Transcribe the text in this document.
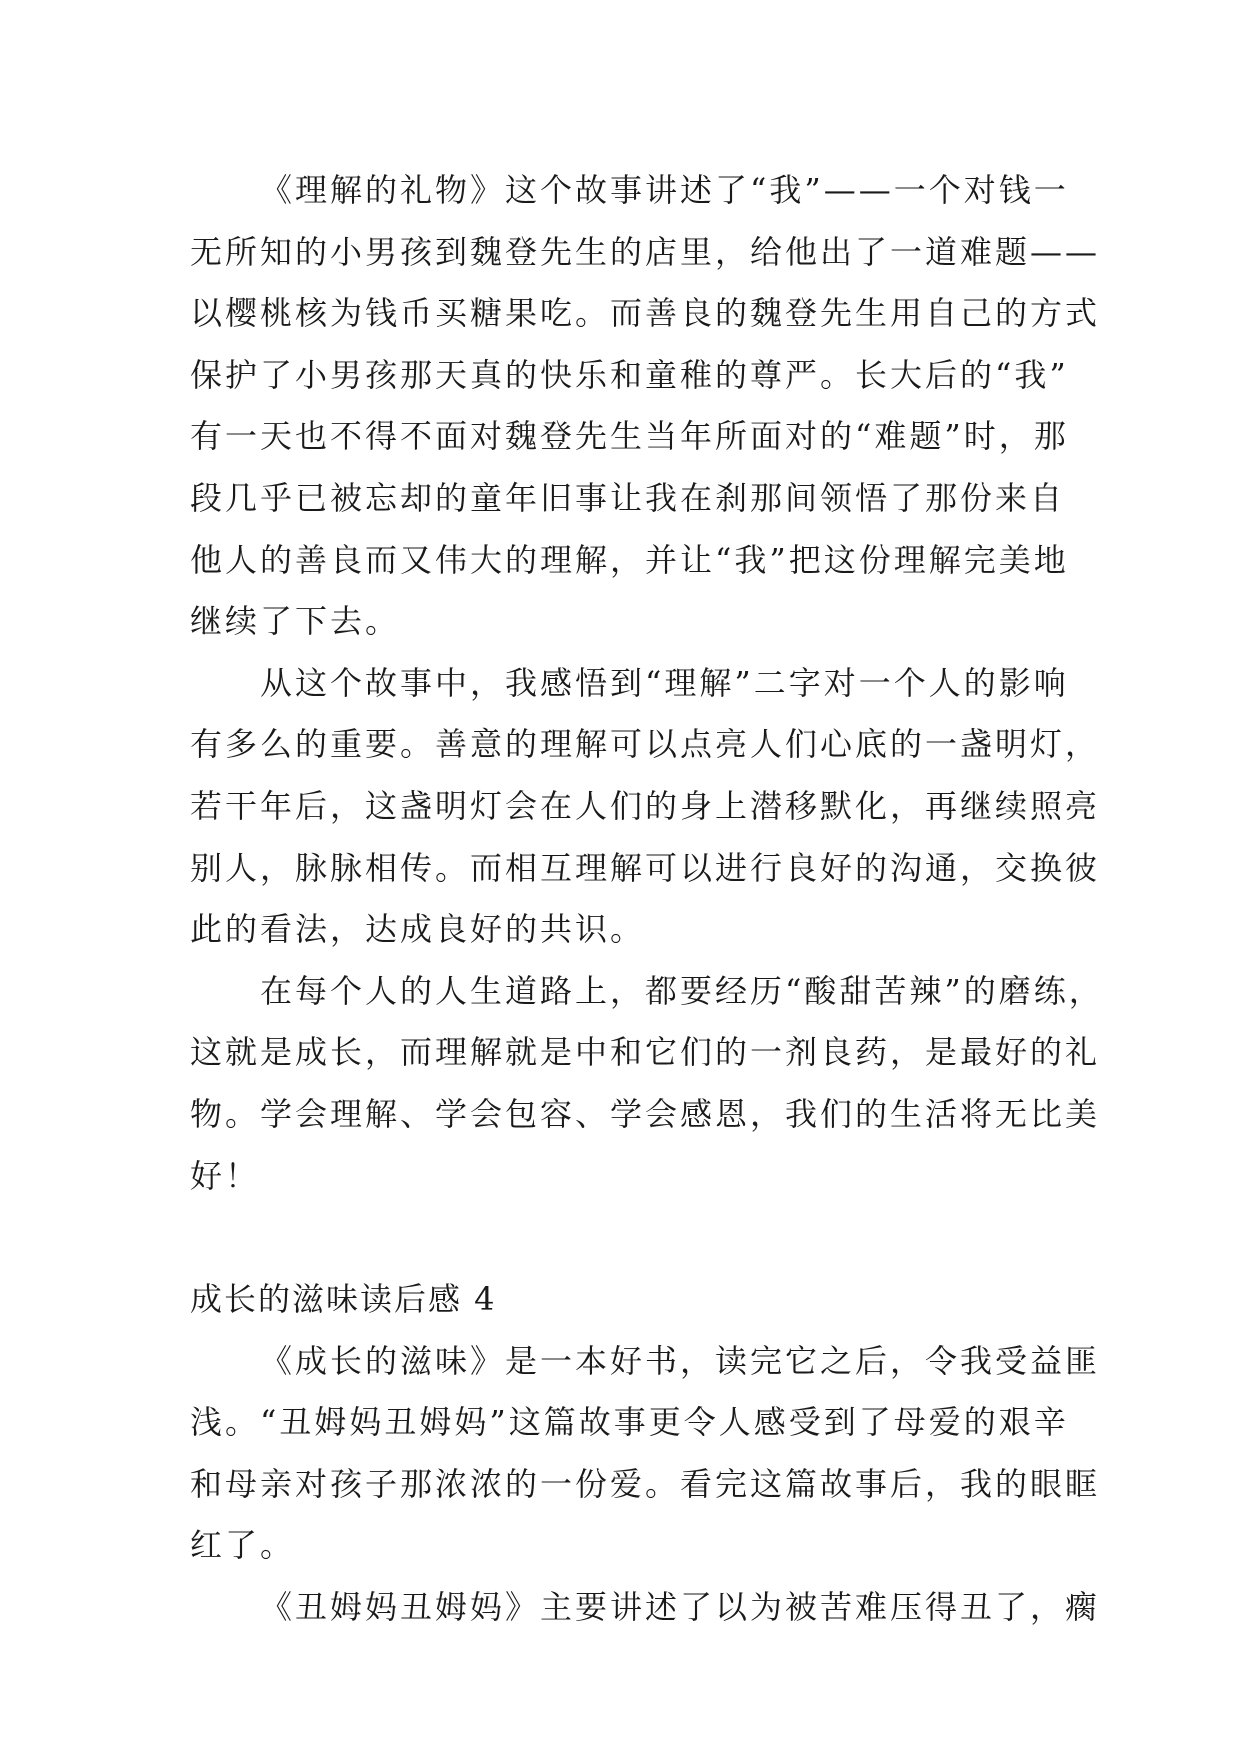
《理解的礼物》这个故事讲述了“我”——一个对钱一

无所知的小男孩到魏登先生的店里，给他出了一道难题——

以樱桃核为钱币买糖果吃。而善良的魏登先生用自己的方式

保护了小男孩那天真的快乐和童稚的尊严。长大后的“我”

有一天也不得不面对魏登先生当年所面对的“难题”时，那

段几乎已被忘却的童年旧事让我在刹那间领悟了那份来自

他人的善良而又伟大的理解，并让“我”把这份理解完美地

继续了下去。

从这个故事中，我感悟到“理解”二字对一个人的影响

有多么的重要。善意的理解可以点亮人们心底的一盏明灯，

若干年后，这盏明灯会在人们的身上潜移默化，再继续照亮

别人，脉脉相传。而相互理解可以进行良好的沟通，交换彼

此的看法，达成良好的共识。

在每个人的人生道路上，都要经历“酸甜苦辣”的磨练，

这就是成长，而理解就是中和它们的一剂良药，是最好的礼

物。学会理解、学会包容、学会感恩，我们的生活将无比美

好！

成长的滋味读后感 4

《成长的滋味》是一本好书，读完它之后，令我受益匪

浅。“丑姆妈丑姆妈”这篇故事更令人感受到了母爱的艰辛

和母亲对孩子那浓浓的一份爱。看完这篇故事后，我的眼眶

红了。

《丑姆妈丑姆妈》主要讲述了以为被苦难压得丑了，瘸
